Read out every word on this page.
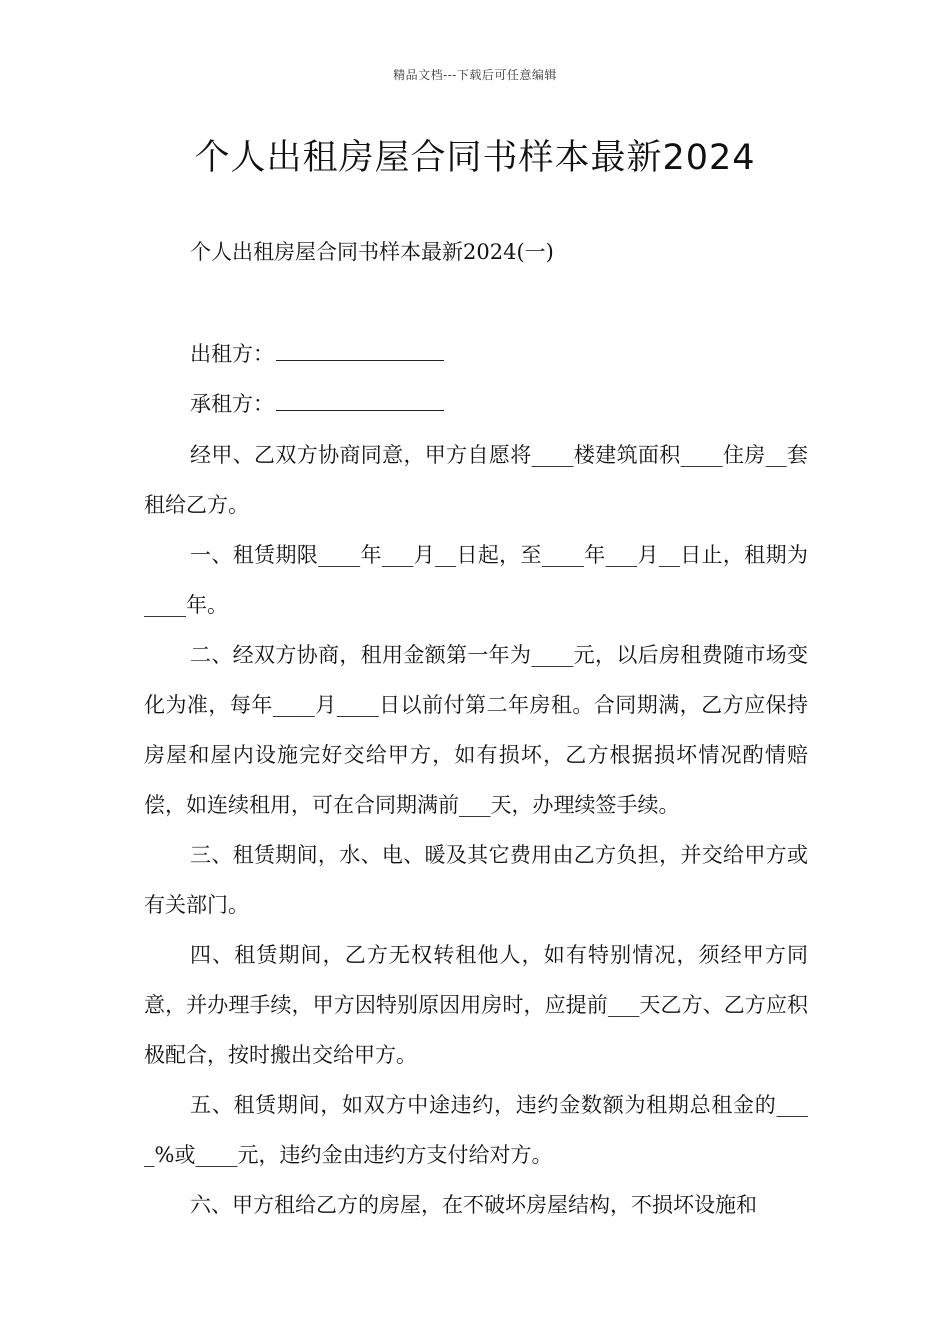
精品文档---下载后可任意编辑
个人出租房屋合同书样本最新2024
个人出租房屋合同书样本最新2024(一)
出租方：
承租方：

经甲、乙双方协商同意，甲方自愿将____楼建筑面积____住房__套租给乙方。

一、租赁期限____年___月__日起，至____年___月__日止，租期为____年。

二、经双方协商，租用金额第一年为____元，以后房租费随市场变化为准，每年____月____日以前付第二年房租。合同期满，乙方应保持房屋和屋内设施完好交给甲方，如有损坏，乙方根据损坏情况酌情赔偿，如连续租用，可在合同期满前___天，办理续签手续。

三、租赁期间，水、电、暖及其它费用由乙方负担，并交给甲方或有关部门。

四、租赁期间，乙方无权转租他人，如有特别情况，须经甲方同意，并办理手续，甲方因特别原因用房时，应提前___天乙方、乙方应积极配合，按时搬出交给甲方。

五、租赁期间，如双方中途违约，违约金数额为租期总租金的____%或____元，违约金由违约方支付给对方。

六、甲方租给乙方的房屋，在不破坏房屋结构，不损坏设施和
